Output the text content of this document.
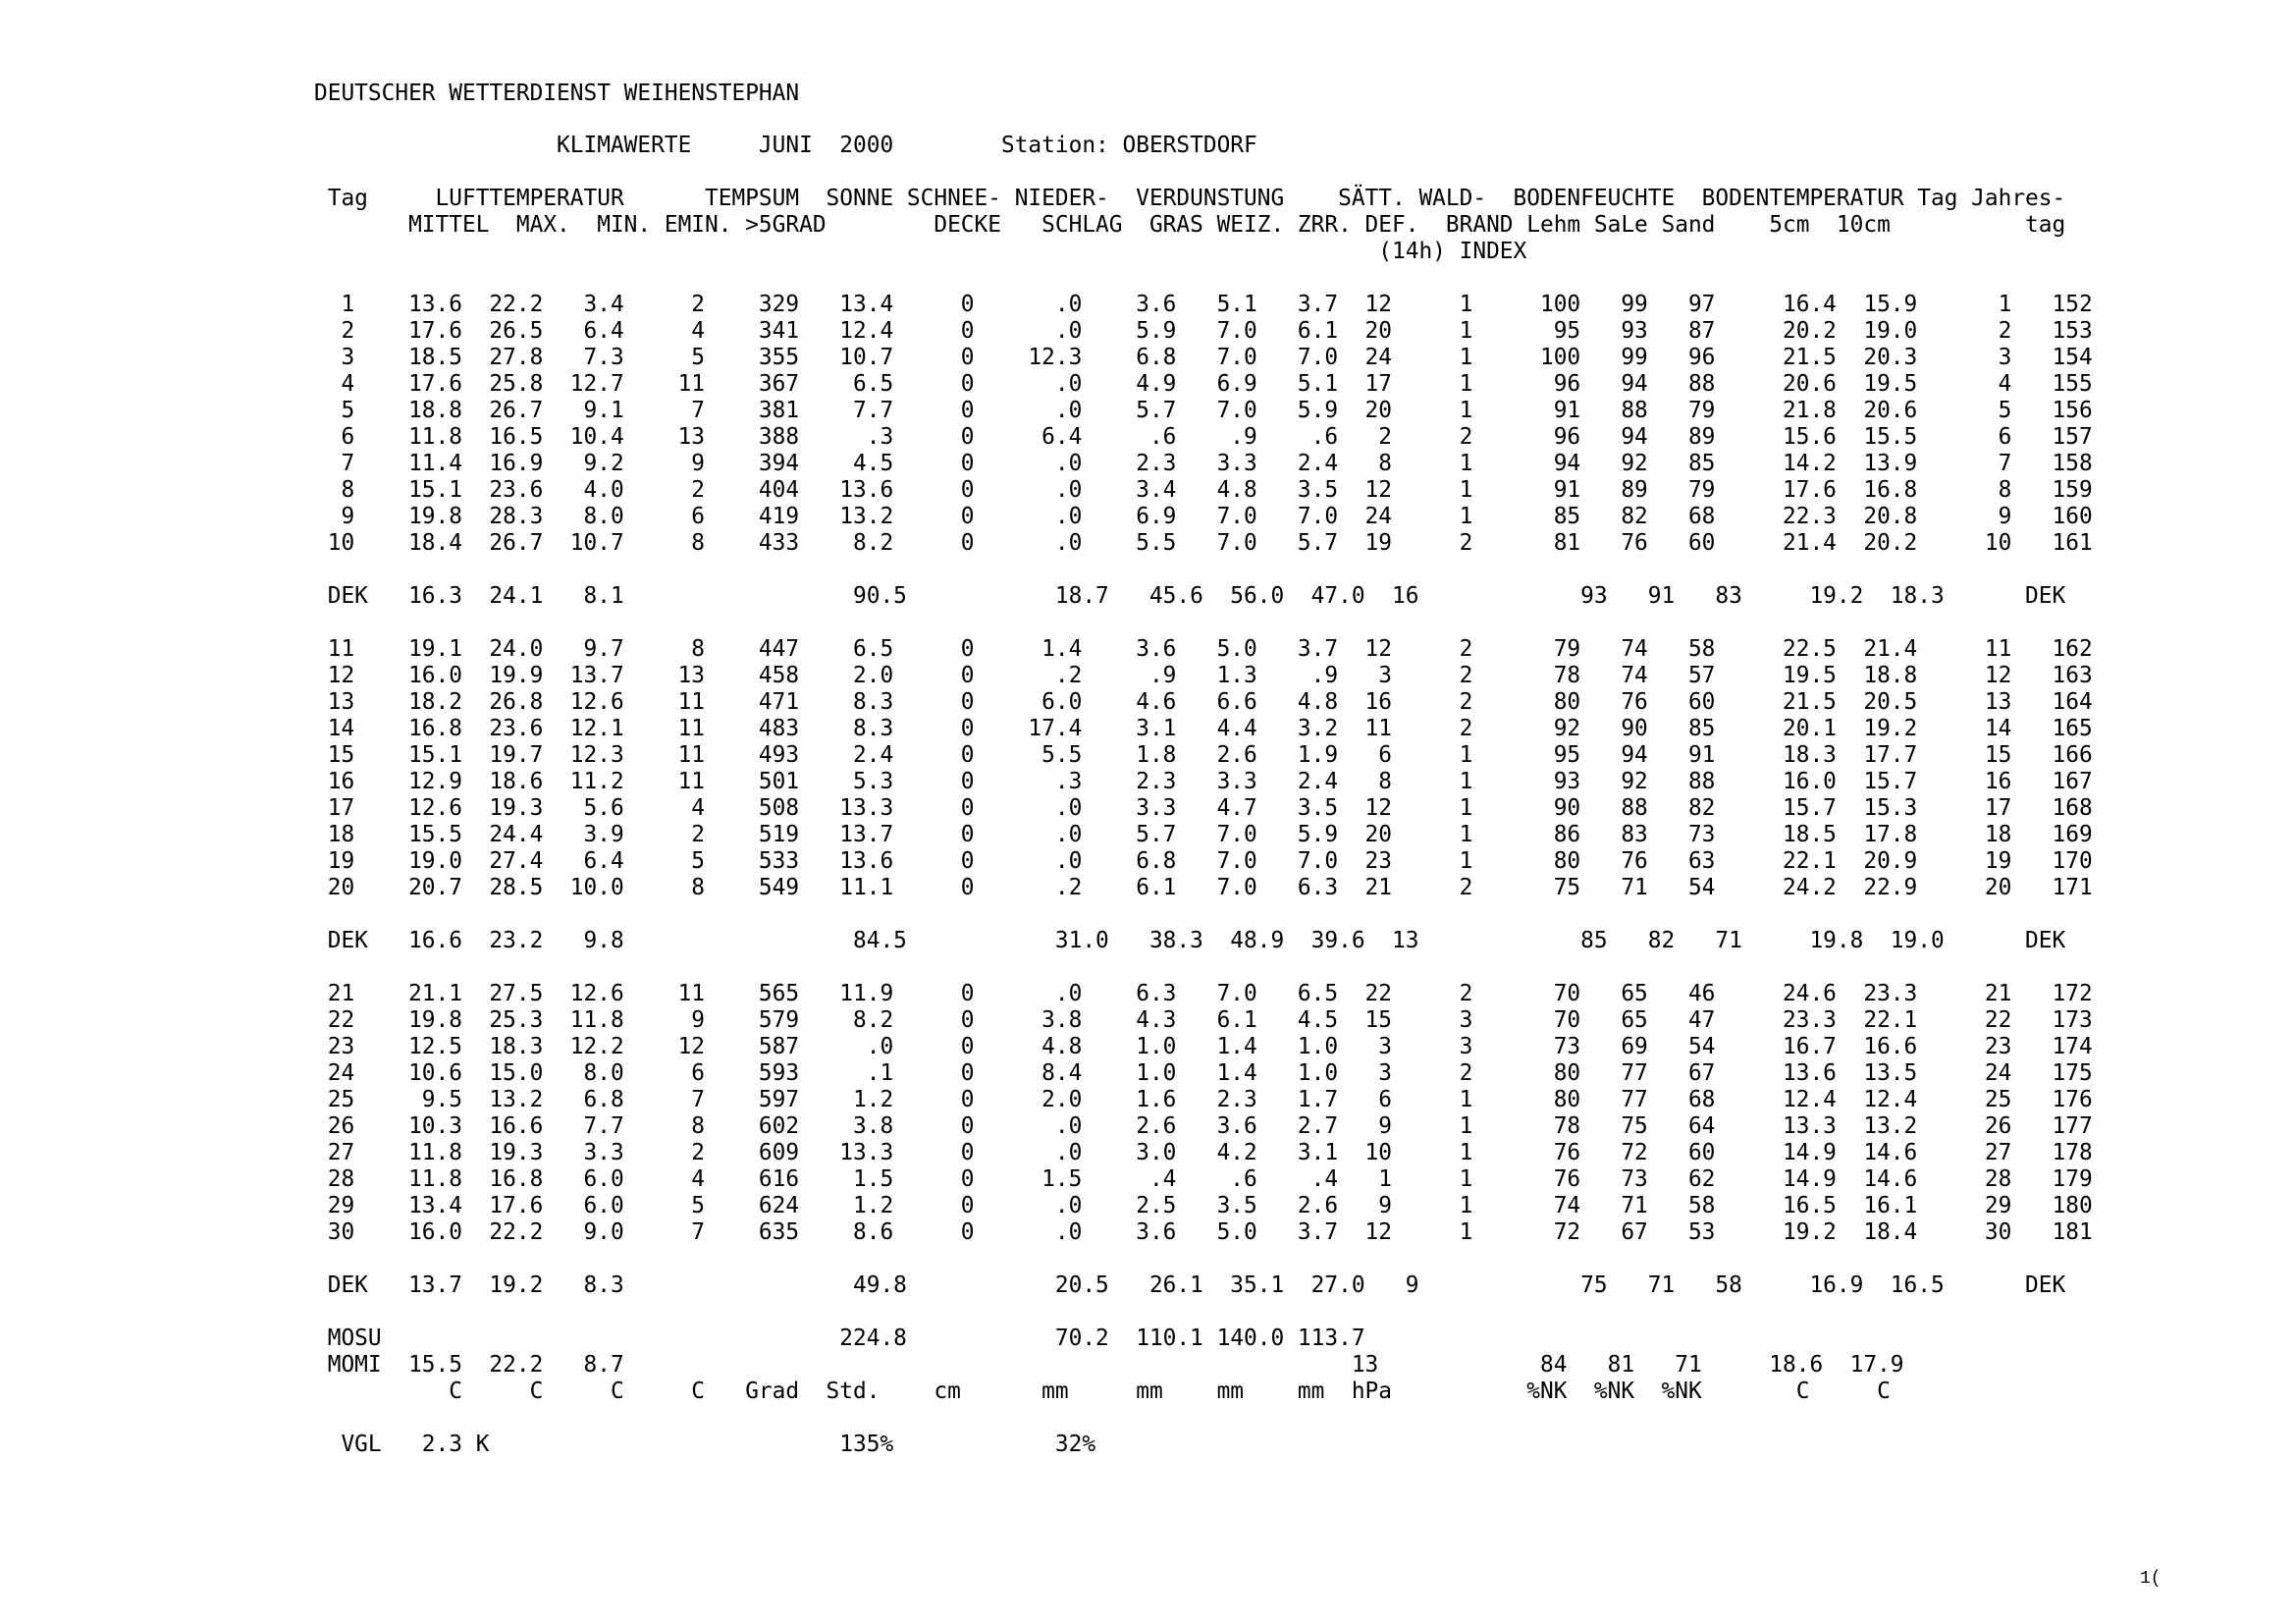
DEUTSCHER WETTERDIENST WEIHENSTEPHAN
KLIMAWERTE     JUNI  2000        Station: OBERSTDORF
Tag     LUFTTEMPERATUR      TEMPSUM  SONNE SCHNEE- NIEDER-  VERDUNSTUNG    SÄTT. WALD-  BODENFEUCHTE  BODENTEMPERATUR Tag Jahres-
MITTEL  MAX.  MIN. EMIN. >5GRAD        DECKE   SCHLAG  GRAS WEIZ. ZRR. DEF.  BRAND Lehm SaLe Sand    5cm  10cm          tag
(14h) INDEX
1    13.6  22.2   3.4     2    329   13.4     0      .0    3.6   5.1   3.7  12     1     100   99   97     16.4  15.9      1   152
2    17.6  26.5   6.4     4    341   12.4     0      .0    5.9   7.0   6.1  20     1      95   93   87     20.2  19.0      2   153
3    18.5  27.8   7.3     5    355   10.7     0    12.3    6.8   7.0   7.0  24     1     100   99   96     21.5  20.3      3   154
4    17.6  25.8  12.7    11    367    6.5     0      .0    4.9   6.9   5.1  17     1      96   94   88     20.6  19.5      4   155
5    18.8  26.7   9.1     7    381    7.7     0      .0    5.7   7.0   5.9  20     1      91   88   79     21.8  20.6      5   156
6    11.8  16.5  10.4    13    388     .3     0     6.4     .6    .9    .6   2     2      96   94   89     15.6  15.5      6   157
7    11.4  16.9   9.2     9    394    4.5     0      .0    2.3   3.3   2.4   8     1      94   92   85     14.2  13.9      7   158
8    15.1  23.6   4.0     2    404   13.6     0      .0    3.4   4.8   3.5  12     1      91   89   79     17.6  16.8      8   159
9    19.8  28.3   8.0     6    419   13.2     0      .0    6.9   7.0   7.0  24     1      85   82   68     22.3  20.8      9   160
10    18.4  26.7  10.7     8    433    8.2     0      .0    5.5   7.0   5.7  19     2      81   76   60     21.4  20.2     10   161
DEK   16.3  24.1   8.1                 90.5           18.7   45.6  56.0  47.0  16            93   91   83     19.2  18.3      DEK
11    19.1  24.0   9.7     8    447    6.5     0     1.4    3.6   5.0   3.7  12     2      79   74   58     22.5  21.4     11   162
12    16.0  19.9  13.7    13    458    2.0     0      .2     .9   1.3    .9   3     2      78   74   57     19.5  18.8     12   163
13    18.2  26.8  12.6    11    471    8.3     0     6.0    4.6   6.6   4.8  16     2      80   76   60     21.5  20.5     13   164
14    16.8  23.6  12.1    11    483    8.3     0    17.4    3.1   4.4   3.2  11     2      92   90   85     20.1  19.2     14   165
15    15.1  19.7  12.3    11    493    2.4     0     5.5    1.8   2.6   1.9   6     1      95   94   91     18.3  17.7     15   166
16    12.9  18.6  11.2    11    501    5.3     0      .3    2.3   3.3   2.4   8     1      93   92   88     16.0  15.7     16   167
17    12.6  19.3   5.6     4    508   13.3     0      .0    3.3   4.7   3.5  12     1      90   88   82     15.7  15.3     17   168
18    15.5  24.4   3.9     2    519   13.7     0      .0    5.7   7.0   5.9  20     1      86   83   73     18.5  17.8     18   169
19    19.0  27.4   6.4     5    533   13.6     0      .0    6.8   7.0   7.0  23     1      80   76   63     22.1  20.9     19   170
20    20.7  28.5  10.0     8    549   11.1     0      .2    6.1   7.0   6.3  21     2      75   71   54     24.2  22.9     20   171
DEK   16.6  23.2   9.8                 84.5           31.0   38.3  48.9  39.6  13            85   82   71     19.8  19.0      DEK
21    21.1  27.5  12.6    11    565   11.9     0      .0    6.3   7.0   6.5  22     2      70   65   46     24.6  23.3     21   172
22    19.8  25.3  11.8     9    579    8.2     0     3.8    4.3   6.1   4.5  15     3      70   65   47     23.3  22.1     22   173
23    12.5  18.3  12.2    12    587     .0     0     4.8    1.0   1.4   1.0   3     3      73   69   54     16.7  16.6     23   174
24    10.6  15.0   8.0     6    593     .1     0     8.4    1.0   1.4   1.0   3     2      80   77   67     13.6  13.5     24   175
25     9.5  13.2   6.8     7    597    1.2     0     2.0    1.6   2.3   1.7   6     1      80   77   68     12.4  12.4     25   176
26    10.3  16.6   7.7     8    602    3.8     0      .0    2.6   3.6   2.7   9     1      78   75   64     13.3  13.2     26   177
27    11.8  19.3   3.3     2    609   13.3     0      .0    3.0   4.2   3.1  10     1      76   72   60     14.9  14.6     27   178
28    11.8  16.8   6.0     4    616    1.5     0     1.5     .4    .6    .4   1     1      76   73   62     14.9  14.6     28   179
29    13.4  17.6   6.0     5    624    1.2     0      .0    2.5   3.5   2.6   9     1      74   71   58     16.5  16.1     29   180
30    16.0  22.2   9.0     7    635    8.6     0      .0    3.6   5.0   3.7  12     1      72   67   53     19.2  18.4     30   181
DEK   13.7  19.2   8.3                 49.8           20.5   26.1  35.1  27.0   9            75   71   58     16.9  16.5      DEK
MOSU                                  224.8           70.2  110.1 140.0 113.7
MOMI  15.5  22.2   8.7                                                      13            84   81   71     18.6  17.9
C     C     C     C   Grad  Std.    cm      mm     mm    mm    mm  hPa          %NK  %NK  %NK       C     C
VGL   2.3 K                          135%            32%
1(
